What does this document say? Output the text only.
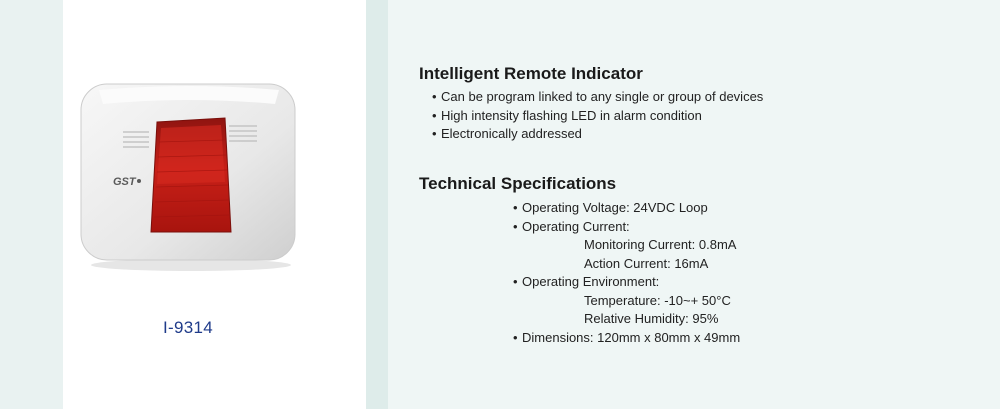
GST
I-9314
Intelligent Remote Indicator
• Can be program linked to any single or group of devices
• High intensity flashing LED in alarm condition
• Electronically addressed
Technical Specifications
• Operating Voltage: 24VDC Loop
• Operating Current:
Monitoring Current: 0.8mA
Action Current: 16mA
• Operating Environment:
Temperature: -10~+ 50°C
Relative Humidity: 95%
• Dimensions: 120mm x 80mm x 49mm
